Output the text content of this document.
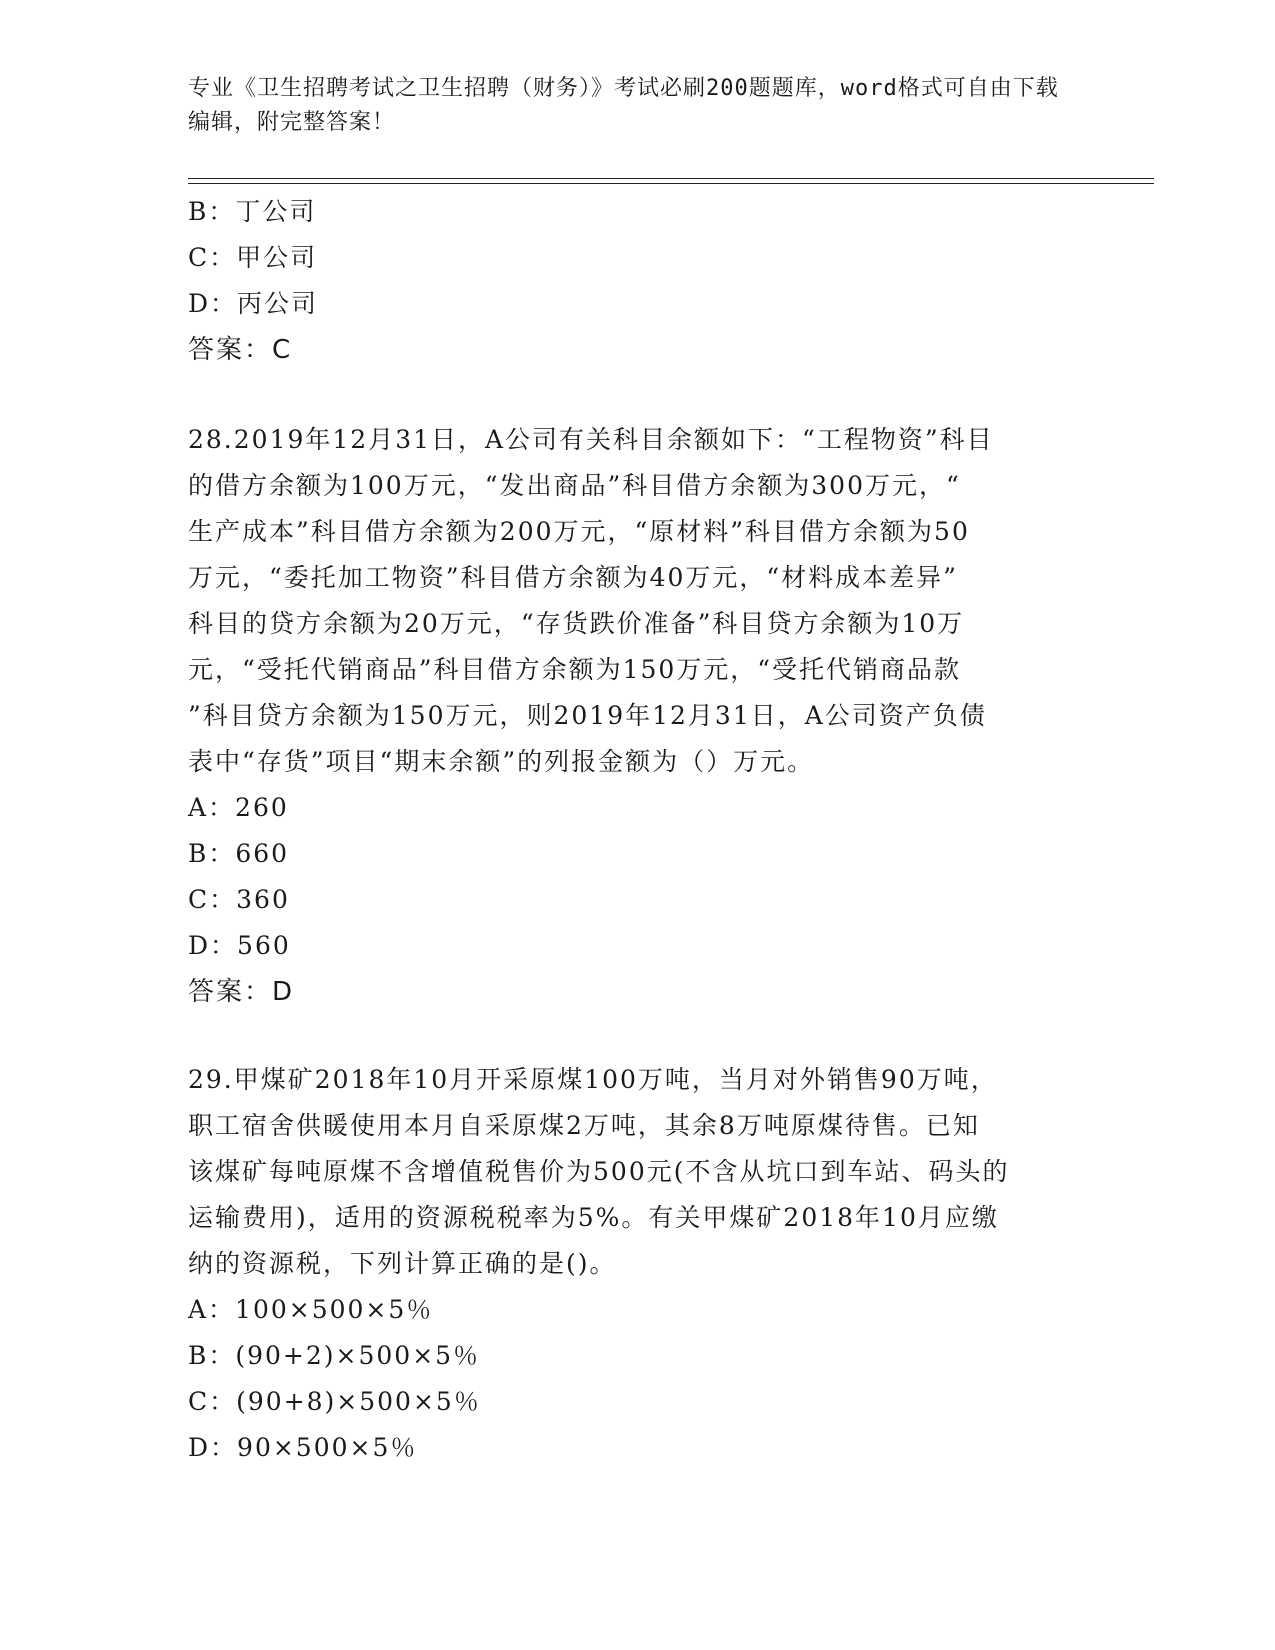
专业《卫生招聘考试之卫生招聘（财务）》考试必刷200题题库，word格式可自由下载编辑，附完整答案！
B：丁公司
C：甲公司
D：丙公司
答案：C
28.2019年12月31日，A公司有关科目余额如下：“工程物资”科目
的借方余额为100万元，“发出商品”科目借方余额为300万元，“
生产成本”科目借方余额为200万元，“原材料”科目借方余额为50
万元，“委托加工物资”科目借方余额为40万元，“材料成本差异”
科目的贷方余额为20万元，“存货跌价准备”科目贷方余额为10万
元，“受托代销商品”科目借方余额为150万元，“受托代销商品款
”科目贷方余额为150万元，则2019年12月31日，A公司资产负债
表中“存货”项目“期末余额”的列报金额为（）万元。
A：260
B：660
C：360
D：560
答案：D
29.甲煤矿2018年10月开采原煤100万吨，当月对外销售90万吨，
职工宿舍供暖使用本月自采原煤2万吨，其余8万吨原煤待售。已知
该煤矿每吨原煤不含增值税售价为500元(不含从坑口到车站、码头的
运输费用)，适用的资源税税率为5%。有关甲煤矿2018年10月应缴
纳的资源税，下列计算正确的是()。
A：100×500×5％
B：(90+2)×500×5％
C：(90+8)×500×5％
D：90×500×5％
